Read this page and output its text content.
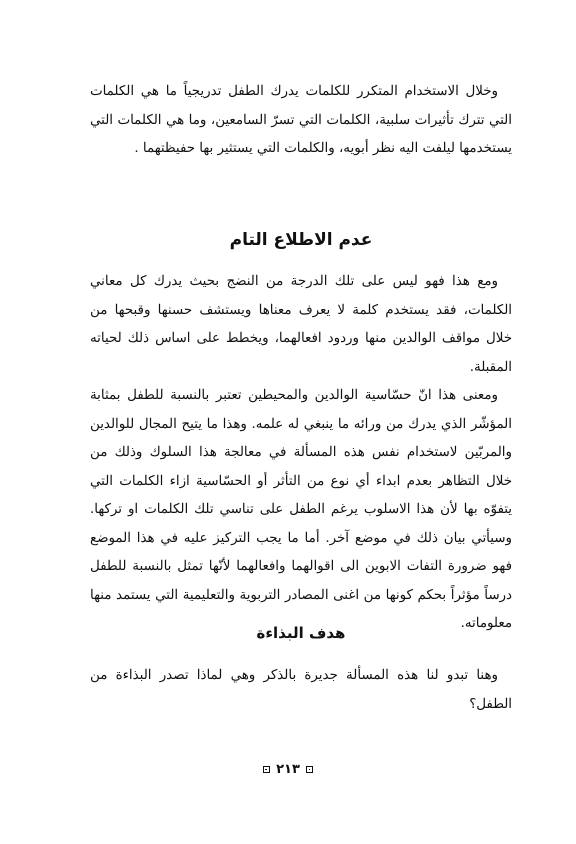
وخلال الاستخدام المتكرر للكلمات يدرك الطفل تدريجياً ما هي الكلمات التي تترك تأثيرات سلبية، الكلمات التي تسرّ السامعين، وما هي الكلمات التي يستخدمها ليلفت اليه نظر أبويه، والكلمات التي يستثير بها حفيظتهما .

عدم الاطلاع التام

ومع هذا فهو ليس على تلك الدرجة من النضج بحيث يدرك كل معاني الكلمات، فقد يستخدم كلمة لا يعرف معناها ويستشف حسنها وقبحها من خلال مواقف الوالدين منها وردود افعالهما، ويخطط على اساس ذلك لحياته المقبلة.

ومعنى هذا انّ حسّاسية الوالدين والمحيطين تعتبر بالنسبة للطفل بمثابة المؤشّر الذي يدرك من ورائه ما ينبغي له علمه. وهذا ما يتيح المجال للوالدين والمربّين لاستخدام نفس هذه المسألة في معالجة هذا السلوك وذلك من خلال التظاهر بعدم ابداء أي نوع من التأثر أو الحسّاسية ازاء الكلمات التي يتفوّه بها لأن هذا الاسلوب يرغم الطفل على تناسي تلك الكلمات او تركها. وسيأتي بيان ذلك في موضع آخر. أما ما يجب التركيز عليه في هذا الموضع فهو ضرورة التفات الابوين الى اقوالهما وافعالهما لأنّها تمثل بالنسبة للطفل درساً مؤثراً بحكم كونها من اغنى المصادر التربوية والتعليمية التي يستمد منها معلوماته.

هدف البذاءة

وهنا تبدو لنا هذه المسألة جديرة بالذكر وهي لماذا تصدر البذاءة من الطفل؟

٢١٣
